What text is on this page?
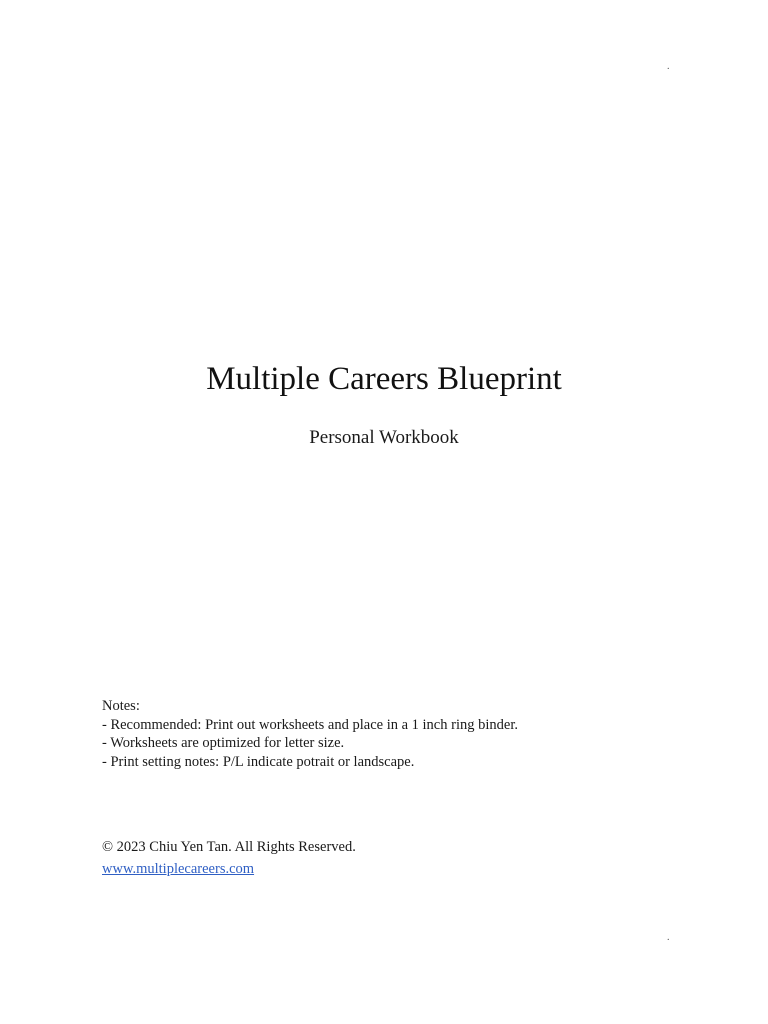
.
Multiple Careers Blueprint
Personal Workbook
Notes:
- Recommended: Print out worksheets and place in a 1 inch ring binder.
- Worksheets are optimized for letter size.
- Print setting notes: P/L indicate potrait or landscape.
© 2023 Chiu Yen Tan. All Rights Reserved.
www.multiplecareers.com
.
